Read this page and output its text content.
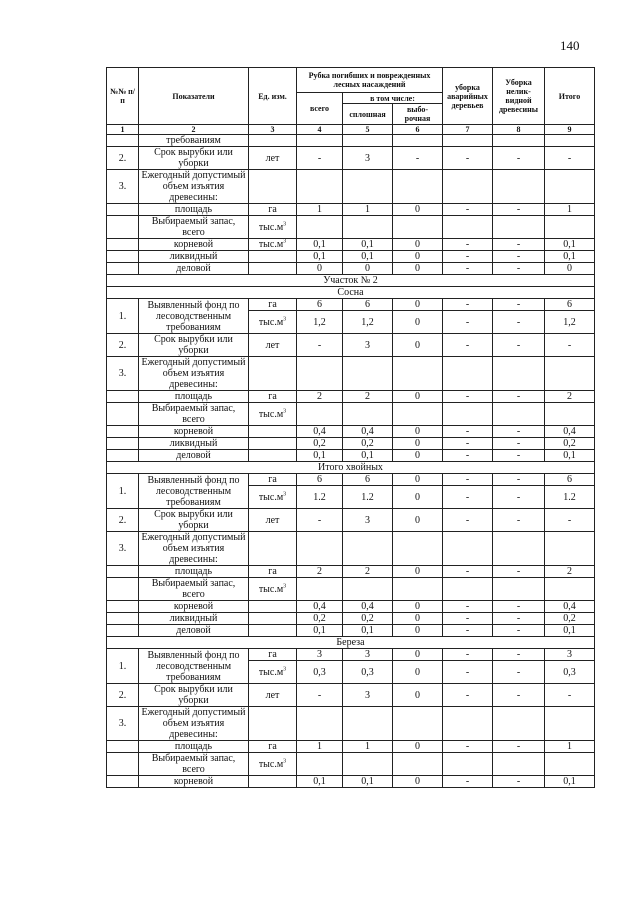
140
№№ п/п	Показатели	Ед. изм.	Рубка погибших и поврежденных лесных насаждений			уборка аварийных деревьев	Уборка нелик-видной древесины	Итого
			всего	в том числе:				
				сплошная	выбо-рочная			
1	2	3	4	5	6	7	8	9
	требованиям							
2.	Срок вырубки или уборки	лет	-	3	-	-	-	-
3.	Ежегодный допустимый объем изъятия древесины:							
	площадь	га	1	1	0	-	-	1
	Выбираемый запас, всего	$тыс.м^3$						
	корневой	$тыс.м^3$	0,1	0,1	0	-	-	0,1
	ликвидный		0,1	0,1	0	-	-	0,1
	деловой		0	0	0	-	-	0
Участок № 2								
Сосна								
1.	Выявленный фонд по лесоводственным требованиям	га	6	6	0	-	-	6
		$тыс.м^3$	1,2	1,2	0	-	-	1,2
2.	Срок вырубки или уборки	лет	-	3	0	-	-	-
3.	Ежегодный допустимый объем изъятия древесины:							
	площадь	га	2	2	0	-	-	2
	Выбираемый запас, всего	$тыс.м^3$						
	корневой		0,4	0,4	0	-	-	0,4
	ликвидный		0,2	0,2	0	-	-	0,2
	деловой		0,1	0,1	0	-	-	0,1
Итого хвойных								
1.	Выявленный фонд по лесоводственным требованиям	га	6	6	0	-	-	6
		$тыс.м^3$	1.2	1.2	0	-	-	1.2
2.	Срок вырубки или уборки	лет	-	3	0	-	-	-
3.	Ежегодный допустимый объем изъятия древесины:							
	площадь	га	2	2	0	-	-	2
	Выбираемый запас, всего	$тыс.м^3$						
	корневой		0,4	0,4	0	-	-	0,4
	ликвидный		0,2	0,2	0	-	-	0,2
	деловой		0,1	0,1	0	-	-	0,1
Береза								
1.	Выявленный фонд по лесоводственным требованиям	га	3	3	0	-	-	3
		$тыс.м^3$	0,3	0,3	0	-	-	0,3
2.	Срок вырубки или уборки	лет	-	3	0	-	-	-
3.	Ежегодный допустимый объем изъятия древесины:							
	площадь	га	1	1	0	-	-	1
	Выбираемый запас, всего	$тыс.м^3$						
	корневой		0,1	0,1	0	-	-	0,1
